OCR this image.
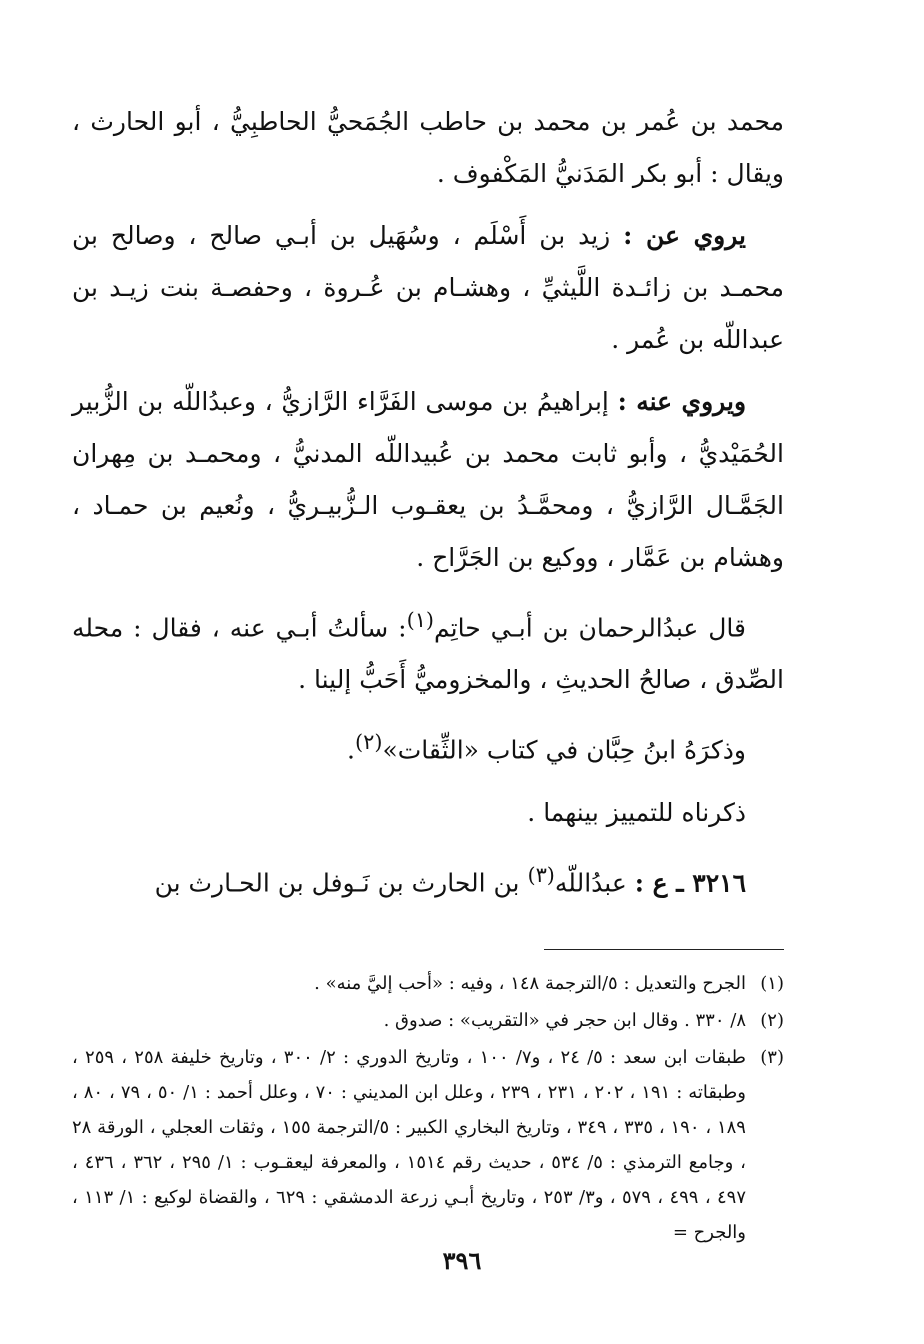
محمد بن عُمر بن محمد بن حاطب الجُمَحيُّ الحاطبِيُّ ، أبو الحارث ، ويقال : أبو بكر المَدَنيُّ المَكْفوف .

يروي عن : زيد بن أَسْلَم ، وسُهَيل بن أبـي صالح ، وصالح بن محمـد بن زائـدة اللَّيثيِّ ، وهشـام بن عُـروة ، وحفصـة بنت زيـد بن عبداللّه بن عُمر .

ويروي عنه : إبراهيمُ بن موسى الفَرَّاء الرَّازيُّ ، وعبدُاللّه بن الزُّبير الحُمَيْديُّ ، وأبو ثابت محمد بن عُبيداللّه المدنيُّ ، ومحمـد بن مِهران الجَمَّـال الرَّازيُّ ، ومحمَّـدُ بن يعقـوب الـزُّبيـريُّ ، ونُعيم بن حمـاد ، وهشام بن عَمَّار ، ووكيع بن الجَرَّاح .

قال عبدُالرحمان بن أبـي حاتِم$^{(١)}$: سألتُ أبـي عنه ، فقال : محله الصِّدق ، صالحُ الحديثِ ، والمخزوميُّ أَحَبُّ إلينا .

وذكرَهُ ابنُ حِبَّان في كتاب «الثِّقات»$^{(٢)}$.

ذكرناه للتمييز بينهما .

٣٢١٦ ـ ع : عبدُاللّه$^{(٣)}$ بن الحارث بن نَـوفل بن الحـارث بن

(١)
الجرح والتعديل : ٥/الترجمة ١٤٨ ، وفيه : «أحب إليَّ منه» .
(٢)
٨/ ٣٣٠ . وقال ابن حجر في «التقريب» : صدوق .
(٣)
طبقات ابن سعد : ٥/ ٢٤ ، و٧/ ١٠٠ ، وتاريخ الدوري : ٢/ ٣٠٠ ، وتاريخ خليفة ٢٥٨ ، ٢٥٩ ، وطبقاته : ١٩١ ، ٢٠٢ ، ٢٣١ ، ٢٣٩ ، وعلل ابن المديني : ٧٠ ، وعلل أحمد : ١/ ٥٠ ، ٧٩ ، ٨٠ ، ١٨٩ ، ١٩٠ ، ٣٣٥ ، ٣٤٩ ، وتاريخ البخاري الكبير : ٥/الترجمة ١٥٥ ، وثقات العجلي ، الورقة ٢٨ ، وجامع الترمذي : ٥/ ٥٣٤ ، حديث رقم ١٥١٤ ، والمعرفة ليعقـوب : ١/ ٢٩٥ ، ٣٦٢ ، ٤٣٦ ، ٤٩٧ ، ٤٩٩ ، ٥٧٩ ، و٣/ ٢٥٣ ، وتاريخ أبـي زرعة الدمشقي : ٦٢٩ ، والقضاة لوكيع : ١/ ١١٣ ، والجرح =
٣٩٦
